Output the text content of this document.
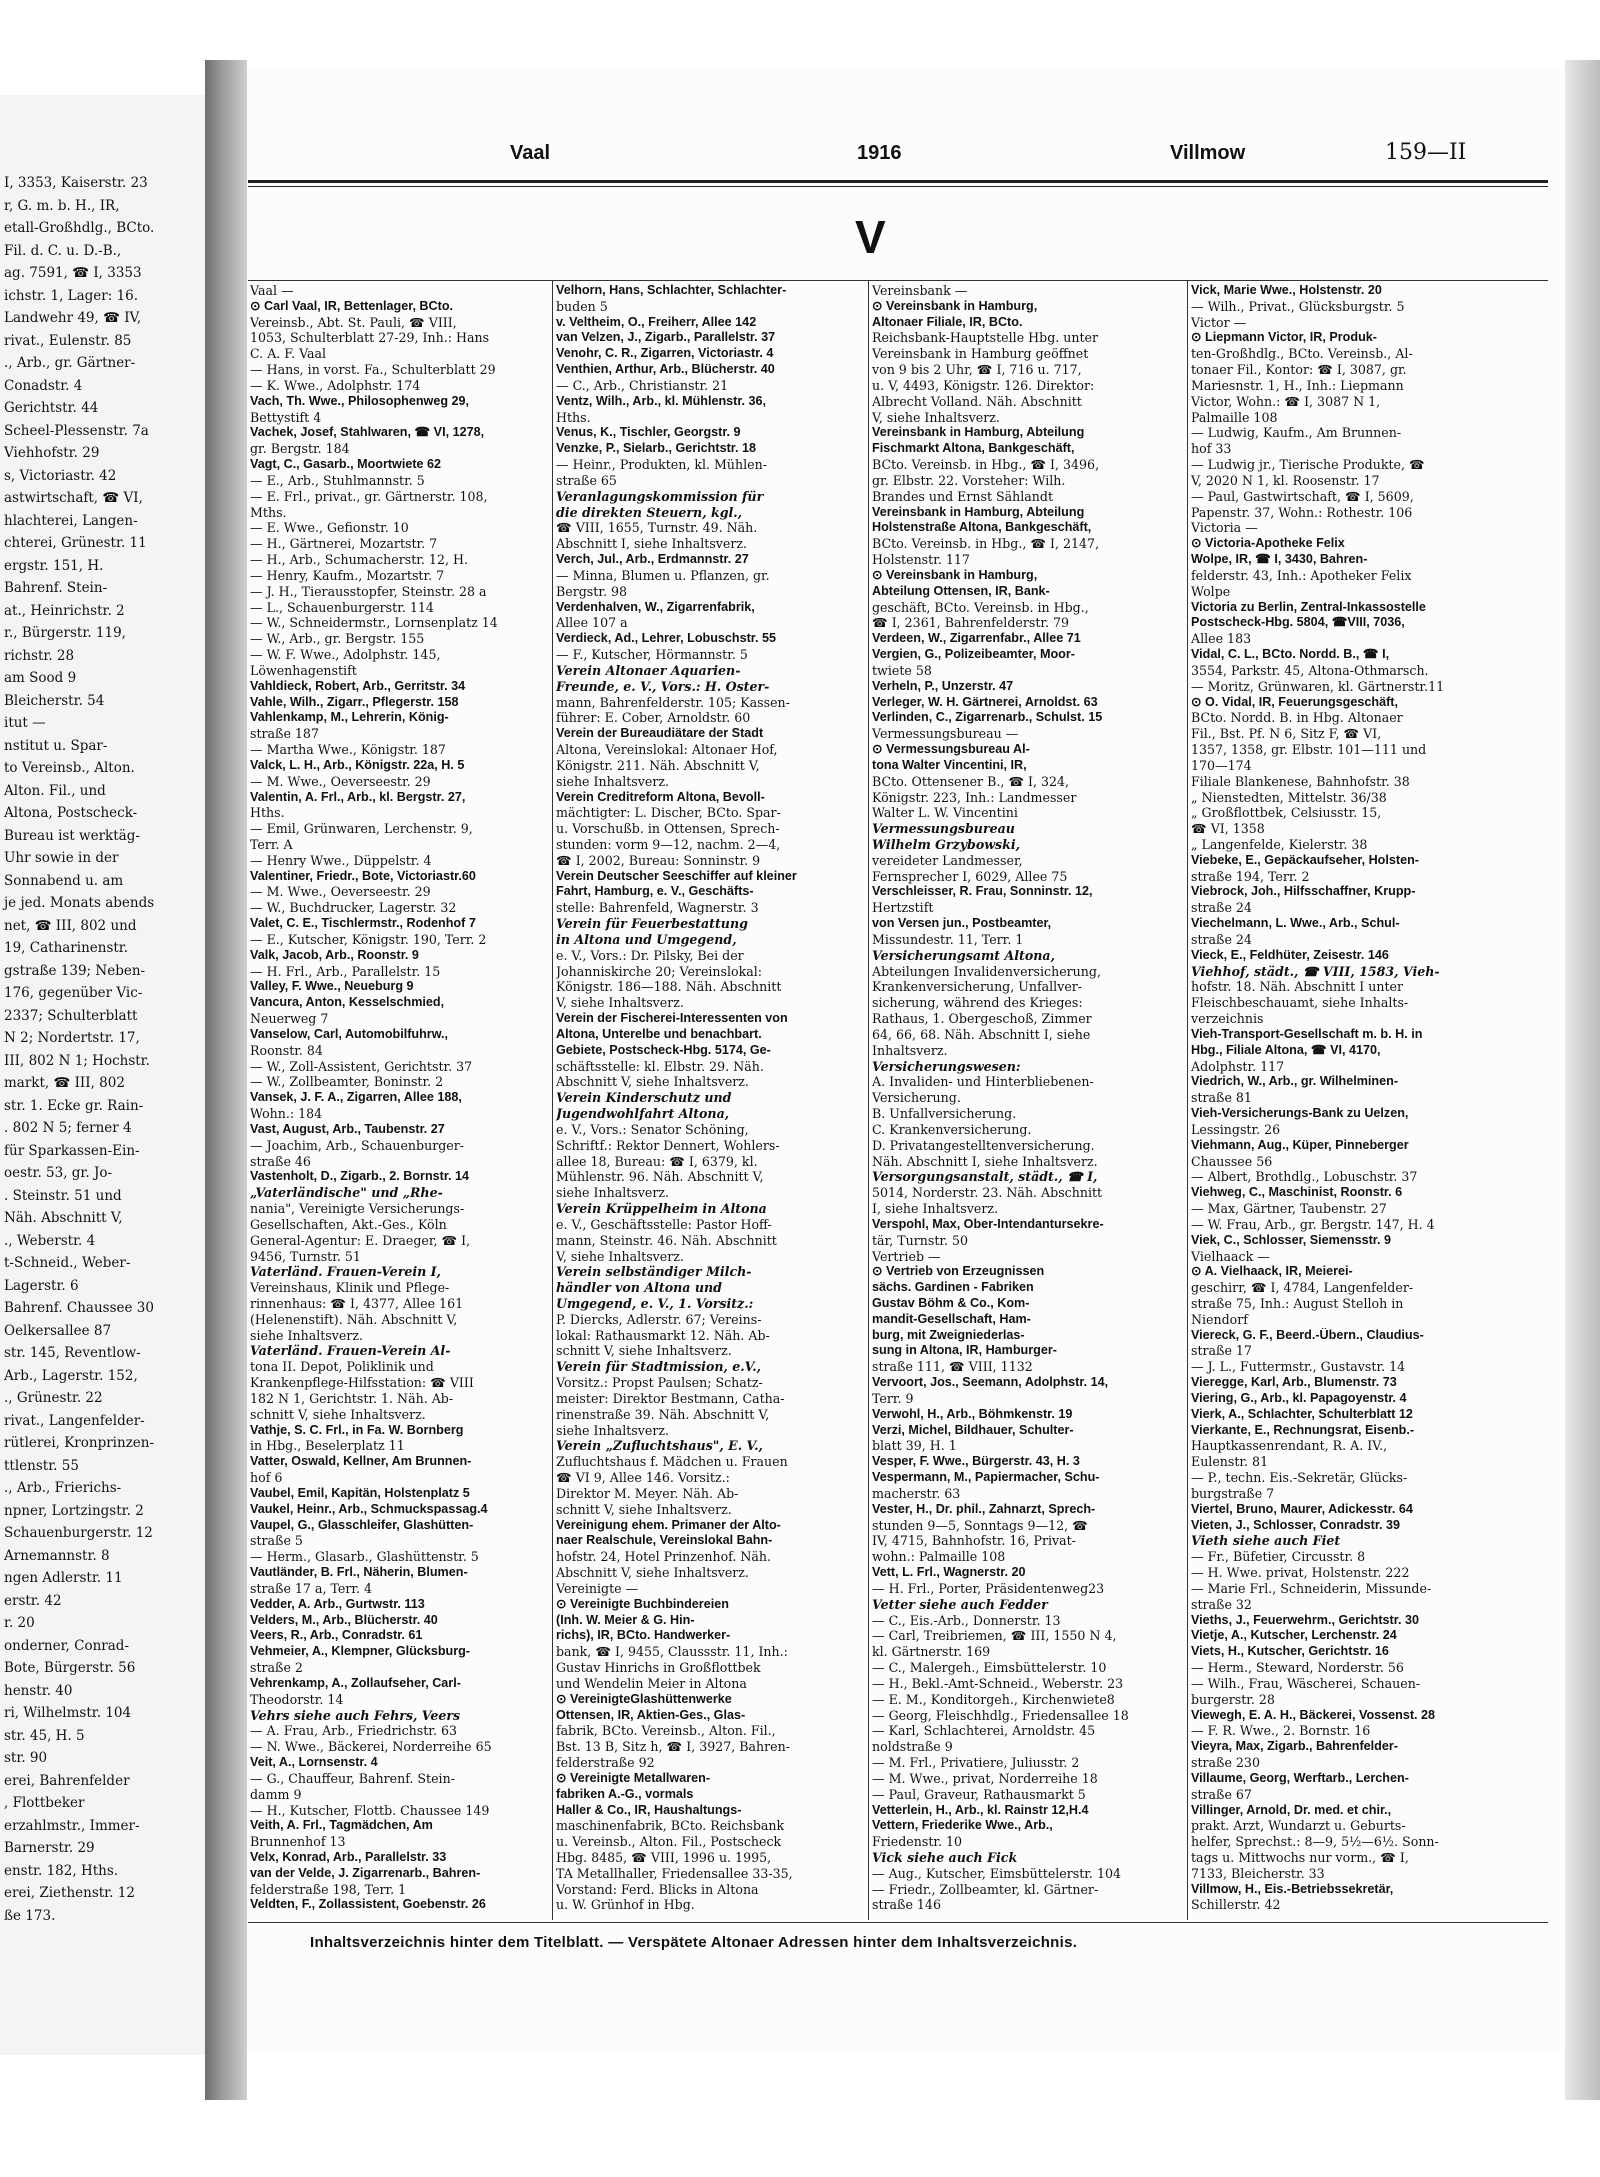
I, 3353, Kaiserstr. 23
r, G. m. b. H., IR,
etall-Großhdlg., BCto.
Fil. d. C. u. D.-B.,
ag. 7591, ☎ I, 3353
ichstr. 1, Lager: 16.
Landwehr 49, ☎ IV,
rivat., Eulenstr. 85
., Arb., gr. Gärtner-
Conadstr. 4
Gerichtstr. 44
Scheel-Plessenstr. 7a
Viehhofstr. 29
s, Victoriastr. 42
astwirtschaft, ☎ VI,
hlachterei, Langen-
chterei, Grünestr. 11
ergstr. 151, H.
Bahrenf. Stein-
at., Heinrichstr. 2
r., Bürgerstr. 119,
richstr. 28
am Sood 9
Bleicherstr. 54
itut —
nstitut u. Spar-
to Vereinsb., Alton.
Alton. Fil., und
Altona, Postscheck-
Bureau ist werktäg-
Uhr sowie in der
Sonnabend u. am
je jed. Monats abends
net, ☎ III, 802 und
19, Catharinenstr.
gstraße 139; Neben-
176, gegenüber Vic-
2337; Schulterblatt
N 2; Nordertstr. 17,
III, 802 N 1; Hochstr.
markt, ☎ III, 802
str. 1. Ecke gr. Rain-
. 802 N 5; ferner 4
für Sparkassen-Ein-
oestr. 53, gr. Jo-
. Steinstr. 51 und
Näh. Abschnitt V,
., Weberstr. 4
t-Schneid., Weber-
Lagerstr. 6
Bahrenf. Chaussee 30
Oelkersallee 87
str. 145, Reventlow-
Arb., Lagerstr. 152,
., Grünestr. 22
rivat., Langenfelder-
rütlerei, Kronprinzen-
ttlenstr. 55
., Arb., Frierichs-
npner, Lortzingstr. 2
Schauenburgerstr. 12
Arnemannstr. 8
ngen Adlerstr. 11
erstr. 42
r. 20
onderner, Conrad-
Bote, Bürgerstr. 56
henstr. 40
ri, Wilhelmstr. 104
str. 45, H. 5
str. 90
erei, Bahrenfelder
, Flottbeker
erzahlmstr., Immer-
Barnerstr. 29
enstr. 182, Hths.
erei, Ziethenstr. 12
ße 173.
Vaal	1916	Villmow	159—II
V
Vaal —
⊙ Carl Vaal, IR, Bettenlager, BCto.
Vereinsb., Abt. St. Pauli, ☎ VIII,
1053, Schulterblatt 27-29, Inh.: Hans
C. A. F. Vaal
— Hans, in vorst. Fa., Schulterblatt 29
— K. Wwe., Adolphstr. 174
Vach, Th. Wwe., Philosophenweg 29,
Bettystift 4
Vachek, Josef, Stahlwaren, ☎ VI, 1278,
gr. Bergstr. 184
Vagt, C., Gasarb., Moortwiete 62
— E., Arb., Stuhlmannstr. 5
— E. Frl., privat., gr. Gärtnerstr. 108,
Mths.
— E. Wwe., Gefionstr. 10
— H., Gärtnerei, Mozartstr. 7
— H., Arb., Schumacherstr. 12, H.
— Henry, Kaufm., Mozartstr. 7
— J. H., Tierausstopfer, Steinstr. 28 a
— L., Schauenburgerstr. 114
— W., Schneidermstr., Lornsenplatz 14
— W., Arb., gr. Bergstr. 155
— W. F. Wwe., Adolphstr. 145,
Löwenhagenstift
Vahldieck, Robert, Arb., Gerritstr. 34
Vahle, Wilh., Zigarr., Pflegerstr. 158
Vahlenkamp, M., Lehrerin, König-
straße 187
— Martha Wwe., Königstr. 187
Valck, L. H., Arb., Königstr. 22a, H. 5
— M. Wwe., Oeverseestr. 29
Valentin, A. Frl., Arb., kl. Bergstr. 27,
Hths.
— Emil, Grünwaren, Lerchenstr. 9,
Terr. A
— Henry Wwe., Düppelstr. 4
Valentiner, Friedr., Bote, Victoriastr.60
— M. Wwe., Oeverseestr. 29
— W., Buchdrucker, Lagerstr. 32
Valet, C. E., Tischlermstr., Rodenhof 7
— E., Kutscher, Königstr. 190, Terr. 2
Valk, Jacob, Arb., Roonstr. 9
— H. Frl., Arb., Parallelstr. 15
Valley, F. Wwe., Neueburg 9
Vancura, Anton, Kesselschmied,
Neuerweg 7
Vanselow, Carl, Automobilfuhrw.,
Roonstr. 84
— W., Zoll-Assistent, Gerichtstr. 37
— W., Zollbeamter, Boninstr. 2
Vansek, J. F. A., Zigarren, Allee 188,
Wohn.: 184
Vast, August, Arb., Taubenstr. 27
— Joachim, Arb., Schauenburger-
straße 46
Vastenholt, D., Zigarb., 2. Bornstr. 14
„Vaterländische" und „Rhe-
nania", Vereinigte Versicherungs-
Gesellschaften, Akt.-Ges., Köln
General-Agentur: E. Draeger, ☎ I,
9456, Turnstr. 51
Vaterländ. Frauen-Verein I,
Vereinshaus, Klinik und Pflege-
rinnenhaus: ☎ I, 4377, Allee 161
(Helenenstift). Näh. Abschnitt V,
siehe Inhaltsverz.
Vaterländ. Frauen-Verein Al-
tona II. Depot, Poliklinik und
Krankenpflege-Hilfsstation: ☎ VIII
182 N 1, Gerichtstr. 1. Näh. Ab-
schnitt V, siehe Inhaltsverz.
Vathje, S. C. Frl., in Fa. W. Bornberg
in Hbg., Beselerplatz 11
Vatter, Oswald, Kellner, Am Brunnen-
hof 6
Vaubel, Emil, Kapitän, Holstenplatz 5
Vaukel, Heinr., Arb., Schmuckspassag.4
Vaupel, G., Glasschleifer, Glashütten-
straße 5
— Herm., Glasarb., Glashüttenstr. 5
Vautländer, B. Frl., Näherin, Blumen-
straße 17 a, Terr. 4
Vedder, A. Arb., Gurtwstr. 113
Velders, M., Arb., Blücherstr. 40
Veers, R., Arb., Conradstr. 61
Vehmeier, A., Klempner, Glücksburg-
straße 2
Vehrenkamp, A., Zollaufseher, Carl-
Theodorstr. 14
Vehrs siehe auch Fehrs, Veers
— A. Frau, Arb., Friedrichstr. 63
— N. Wwe., Bäckerei, Norderreihe 65
Veit, A., Lornsenstr. 4
— G., Chauffeur, Bahrenf. Stein-
damm 9
— H., Kutscher, Flottb. Chaussee 149
Veith, A. Frl., Tagmädchen, Am
Brunnenhof 13
Velx, Konrad, Arb., Parallelstr. 33
van der Velde, J. Zigarrenarb., Bahren-
felderstraße 198, Terr. 1
Veldten, F., Zollassistent, Goebenstr. 26
Velhorn, Hans, Schlachter, Schlachter-
buden 5
v. Veltheim, O., Freiherr, Allee 142
van Velzen, J., Zigarb., Parallelstr. 37
Venohr, C. R., Zigarren, Victoriastr. 4
Venthien, Arthur, Arb., Blücherstr. 40
— C., Arb., Christianstr. 21
Ventz, Wilh., Arb., kl. Mühlenstr. 36,
Hths.
Venus, K., Tischler, Georgstr. 9
Venzke, P., Sielarb., Gerichtstr. 18
— Heinr., Produkten, kl. Mühlen-
straße 65
Veranlagungskommission für
die direkten Steuern, kgl.,
☎ VIII, 1655, Turnstr. 49. Näh.
Abschnitt I, siehe Inhaltsverz.
Verch, Jul., Arb., Erdmannstr. 27
— Minna, Blumen u. Pflanzen, gr.
Bergstr. 98
Verdenhalven, W., Zigarrenfabrik,
Allee 107 a
Verdieck, Ad., Lehrer, Lobuschstr. 55
— F., Kutscher, Hörmannstr. 5
Verein Altonaer Aquarien-
Freunde, e. V., Vors.: H. Oster-
mann, Bahrenfelderstr. 105; Kassen-
führer: E. Cober, Arnoldstr. 60
Verein der Bureaudiätare der Stadt
Altona, Vereinslokal: Altonaer Hof,
Königstr. 211. Näh. Abschnitt V,
siehe Inhaltsverz.
Verein Creditreform Altona, Bevoll-
mächtigter: L. Discher, BCto. Spar-
u. Vorschußb. in Ottensen, Sprech-
stunden: vorm 9—12, nachm. 2—4,
☎ I, 2002, Bureau: Sonninstr. 9
Verein Deutscher Seeschiffer auf kleiner
Fahrt, Hamburg, e. V., Geschäfts-
stelle: Bahrenfeld, Wagnerstr. 3
Verein für Feuerbestattung
in Altona und Umgegend,
e. V., Vors.: Dr. Pilsky, Bei der
Johanniskirche 20; Vereinslokal:
Königstr. 186—188. Näh. Abschnitt
V, siehe Inhaltsverz.
Verein der Fischerei-Interessenten von
Altona, Unterelbe und benachbart.
Gebiete, Postscheck-Hbg. 5174, Ge-
schäftsstelle: kl. Elbstr. 29. Näh.
Abschnitt V, siehe Inhaltsverz.
Verein Kinderschutz und
Jugendwohlfahrt Altona,
e. V., Vors.: Senator Schöning,
Schriftf.: Rektor Dennert, Wohlers-
allee 18, Bureau: ☎ I, 6379, kl.
Mühlenstr. 96. Näh. Abschnitt V,
siehe Inhaltsverz.
Verein Krüppelheim in Altona
e. V., Geschäftsstelle: Pastor Hoff-
mann, Steinstr. 46. Näh. Abschnitt
V, siehe Inhaltsverz.
Verein selbständiger Milch-
händler von Altona und
Umgegend, e. V., 1. Vorsitz.:
P. Diercks, Adlerstr. 67; Vereins-
lokal: Rathausmarkt 12. Näh. Ab-
schnitt V, siehe Inhaltsverz.
Verein für Stadtmission, e.V.,
Vorsitz.: Propst Paulsen; Schatz-
meister: Direktor Bestmann, Catha-
rinenstraße 39. Näh. Abschnitt V,
siehe Inhaltsverz.
Verein „Zufluchtshaus", E. V.,
Zufluchtshaus f. Mädchen u. Frauen
☎ VI 9, Allee 146. Vorsitz.:
Direktor M. Meyer. Näh. Ab-
schnitt V, siehe Inhaltsverz.
Vereinigung ehem. Primaner der Alto-
naer Realschule, Vereinslokal Bahn-
hofstr. 24, Hotel Prinzenhof. Näh.
Abschnitt V, siehe Inhaltsverz.
Vereinigte —
⊙ Vereinigte Buchbindereien
(Inh. W. Meier & G. Hin-
richs), IR, BCto. Handwerker-
bank, ☎ I, 9455, Claussstr. 11, Inh.:
Gustav Hinrichs in Großflottbek
und Wendelin Meier in Altona
⊙ VereinigteGlashüttenwerke
Ottensen, IR, Aktien-Ges., Glas-
fabrik, BCto. Vereinsb., Alton. Fil.,
Bst. 13 B, Sitz h, ☎ I, 3927, Bahren-
felderstraße 92
⊙ Vereinigte Metallwaren-
fabriken A.-G., vormals
Haller & Co., IR, Haushaltungs-
maschinenfabrik, BCto. Reichsbank
u. Vereinsb., Alton. Fil., Postscheck
Hbg. 8485, ☎ VIII, 1996 u. 1995,
TA Metallhaller, Friedensallee 33-35,
Vorstand: Ferd. Blicks in Altona
u. W. Grünhof in Hbg.
Vereinsbank —
⊙ Vereinsbank in Hamburg,
Altonaer Filiale, IR, BCto.
Reichsbank-Hauptstelle Hbg. unter
Vereinsbank in Hamburg geöffnet
von 9 bis 2 Uhr, ☎ I, 716 u. 717,
u. V, 4493, Königstr. 126. Direktor:
Albrecht Volland. Näh. Abschnitt
V, siehe Inhaltsverz.
Vereinsbank in Hamburg, Abteilung
Fischmarkt Altona, Bankgeschäft,
BCto. Vereinsb. in Hbg., ☎ I, 3496,
gr. Elbstr. 22. Vorsteher: Wilh.
Brandes und Ernst Sählandt
Vereinsbank in Hamburg, Abteilung
Holstenstraße Altona, Bankgeschäft,
BCto. Vereinsb. in Hbg., ☎ I, 2147,
Holstenstr. 117
⊙ Vereinsbank in Hamburg,
Abteilung Ottensen, IR, Bank-
geschäft, BCto. Vereinsb. in Hbg.,
☎ I, 2361, Bahrenfelderstr. 79
Verdeen, W., Zigarrenfabr., Allee 71
Vergien, G., Polizeibeamter, Moor-
twiete 58
Verheln, P., Unzerstr. 47
Verleger, W. H. Gärtnerei, Arnoldst. 63
Verlinden, C., Zigarrenarb., Schulst. 15
Vermessungsbureau —
⊙ Vermessungsbureau Al-
tona Walter Vincentini, IR,
BCto. Ottensener B., ☎ I, 324,
Königstr. 223, Inh.: Landmesser
Walter L. W. Vincentini
Vermessungsbureau
Wilhelm Grzybowski,
vereideter Landmesser,
Fernsprecher I, 6029, Allee 75
Verschleisser, R. Frau, Sonninstr. 12,
Hertzstift
von Versen jun., Postbeamter,
Missundestr. 11, Terr. 1
Versicherungsamt Altona,
Abteilungen Invalidenversicherung,
Krankenversicherung, Unfallver-
sicherung, während des Krieges:
Rathaus, 1. Obergeschoß, Zimmer
64, 66, 68. Näh. Abschnitt I, siehe
Inhaltsverz.
Versicherungswesen:
A. Invaliden- und Hinterbliebenen-
Versicherung.
B. Unfallversicherung.
C. Krankenversicherung.
D. Privatangestelltenversicherung.
Näh. Abschnitt I, siehe Inhaltsverz.
Versorgungsanstalt, städt., ☎ I,
5014, Norderstr. 23. Näh. Abschnitt
I, siehe Inhaltsverz.
Verspohl, Max, Ober-Intendantursekre-
tär, Turnstr. 50
Vertrieb —
⊙ Vertrieb von Erzeugnissen
sächs. Gardinen - Fabriken
Gustav Böhm & Co., Kom-
mandit-Gesellschaft, Ham-
burg, mit Zweigniederlas-
sung in Altona, IR, Hamburger-
straße 111, ☎ VIII, 1132
Vervoort, Jos., Seemann, Adolphstr. 14,
Terr. 9
Verwohl, H., Arb., Böhmkenstr. 19
Verzi, Michel, Bildhauer, Schulter-
blatt 39, H. 1
Vesper, F. Wwe., Bürgerstr. 43, H. 3
Vespermann, M., Papiermacher, Schu-
macherstr. 63
Vester, H., Dr. phil., Zahnarzt, Sprech-
stunden 9—5, Sonntags 9—12, ☎
IV, 4715, Bahnhofstr. 16, Privat-
wohn.: Palmaille 108
Vett, L. Frl., Wagnerstr. 20
— H. Frl., Porter, Präsidentenweg23
Vetter siehe auch Fedder
— C., Eis.-Arb., Donnerstr. 13
— Carl, Treibriemen, ☎ III, 1550 N 4,
kl. Gärtnerstr. 169
— C., Malergeh., Eimsbüttelerstr. 10
— H., Bekl.-Amt-Schneid., Weberstr. 23
— E. M., Konditorgeh., Kirchenwiete8
— Georg, Fleischhdlg., Friedensallee 18
— Karl, Schlachterei, Arnoldstr. 45
noldstraße 9
— M. Frl., Privatiere, Juliusstr. 2
— M. Wwe., privat, Norderreihe 18
— Paul, Graveur, Rathausmarkt 5
Vetterlein, H., Arb., kl. Rainstr 12,H.4
Vettern, Friederike Wwe., Arb.,
Friedenstr. 10
Vick siehe auch Fick
— Aug., Kutscher, Eimsbüttelerstr. 104
— Friedr., Zollbeamter, kl. Gärtner-
straße 146
Vick, Marie Wwe., Holstenstr. 20
— Wilh., Privat., Glücksburgstr. 5
Victor —
⊙ Liepmann Victor, IR, Produk-
ten-Großhdlg., BCto. Vereinsb., Al-
tonaer Fil., Kontor: ☎ I, 3087, gr.
Mariesnstr. 1, H., Inh.: Liepmann
Victor, Wohn.: ☎ I, 3087 N 1,
Palmaille 108
— Ludwig, Kaufm., Am Brunnen-
hof 33
— Ludwig jr., Tierische Produkte, ☎
V, 2020 N 1, kl. Roosenstr. 17
— Paul, Gastwirtschaft, ☎ I, 5609,
Papenstr. 37, Wohn.: Rothestr. 106
Victoria —
⊙ Victoria-Apotheke Felix
Wolpe, IR, ☎ I, 3430, Bahren-
felderstr. 43, Inh.: Apotheker Felix
Wolpe
Victoria zu Berlin, Zentral-Inkassostelle
Postscheck-Hbg. 5804, ☎VIII, 7036,
Allee 183
Vidal, C. L., BCto. Nordd. B., ☎ I,
3554, Parkstr. 45, Altona-Othmarsch.
— Moritz, Grünwaren, kl. Gärtnerstr.11
⊙ O. Vidal, IR, Feuerungsgeschäft,
BCto. Nordd. B. in Hbg. Altonaer
Fil., Bst. Pf. N 6, Sitz F, ☎ VI,
1357, 1358, gr. Elbstr. 101—111 und
170—174
Filiale Blankenese, Bahnhofstr. 38
„ Nienstedten, Mittelstr. 36/38
„ Großflottbek, Celsiusstr. 15,
☎ VI, 1358
„ Langenfelde, Kielerstr. 38
Viebeke, E., Gepäckaufseher, Holsten-
straße 194, Terr. 2
Viebrock, Joh., Hilfsschaffner, Krupp-
straße 24
Viechelmann, L. Wwe., Arb., Schul-
straße 24
Vieck, E., Feldhüter, Zeisestr. 146
Viehhof, städt., ☎ VIII, 1583, Vieh-
hofstr. 18. Näh. Abschnitt I unter
Fleischbeschauamt, siehe Inhalts-
verzeichnis
Vieh-Transport-Gesellschaft m. b. H. in
Hbg., Filiale Altona, ☎ VI, 4170,
Adolphstr. 117
Viedrich, W., Arb., gr. Wilhelminen-
straße 81
Vieh-Versicherungs-Bank zu Uelzen,
Lessingstr. 26
Viehmann, Aug., Küper, Pinneberger
Chaussee 56
— Albert, Brothdlg., Lobuschstr. 37
Viehweg, C., Maschinist, Roonstr. 6
— Max, Gärtner, Taubenstr. 27
— W. Frau, Arb., gr. Bergstr. 147, H. 4
Viek, C., Schlosser, Siemensstr. 9
Vielhaack —
⊙ A. Vielhaack, IR, Meierei-
geschirr, ☎ I, 4784, Langenfelder-
straße 75, Inh.: August Stelloh in
Niendorf
Viereck, G. F., Beerd.-Übern., Claudius-
straße 17
— J. L., Futtermstr., Gustavstr. 14
Vieregge, Karl, Arb., Blumenstr. 73
Viering, G., Arb., kl. Papagoyenstr. 4
Vierk, A., Schlachter, Schulterblatt 12
Vierkante, E., Rechnungsrat, Eisenb.-
Hauptkassenrendant, R. A. IV.,
Eulenstr. 81
— P., techn. Eis.-Sekretär, Glücks-
burgstraße 7
Viertel, Bruno, Maurer, Adickesstr. 64
Vieten, J., Schlosser, Conradstr. 39
Vieth siehe auch Fiet
— Fr., Büfetier, Circusstr. 8
— H. Wwe. privat, Holstenstr. 222
— Marie Frl., Schneiderin, Missunde-
straße 32
Vieths, J., Feuerwehrm., Gerichtstr. 30
Vietje, A., Kutscher, Lerchenstr. 24
Viets, H., Kutscher, Gerichtstr. 16
— Herm., Steward, Norderstr. 56
— Wilh., Frau, Wäscherei, Schauen-
burgerstr. 28
Viewegh, E. A. H., Bäckerei, Vossenst. 28
— F. R. Wwe., 2. Bornstr. 16
Vieyra, Max, Zigarb., Bahrenfelder-
straße 230
Villaume, Georg, Werftarb., Lerchen-
straße 67
Villinger, Arnold, Dr. med. et chir.,
prakt. Arzt, Wundarzt u. Geburts-
helfer, Sprechst.: 8—9, 5½—6½. Sonn-
tags u. Mittwochs nur vorm., ☎ I,
7133, Bleicherstr. 33
Villmow, H., Eis.-Betriebssekretär,
Schillerstr. 42
Inhaltsverzeichnis hinter dem Titelblatt. — Verspätete Altonaer Adressen hinter dem Inhaltsverzeichnis.
